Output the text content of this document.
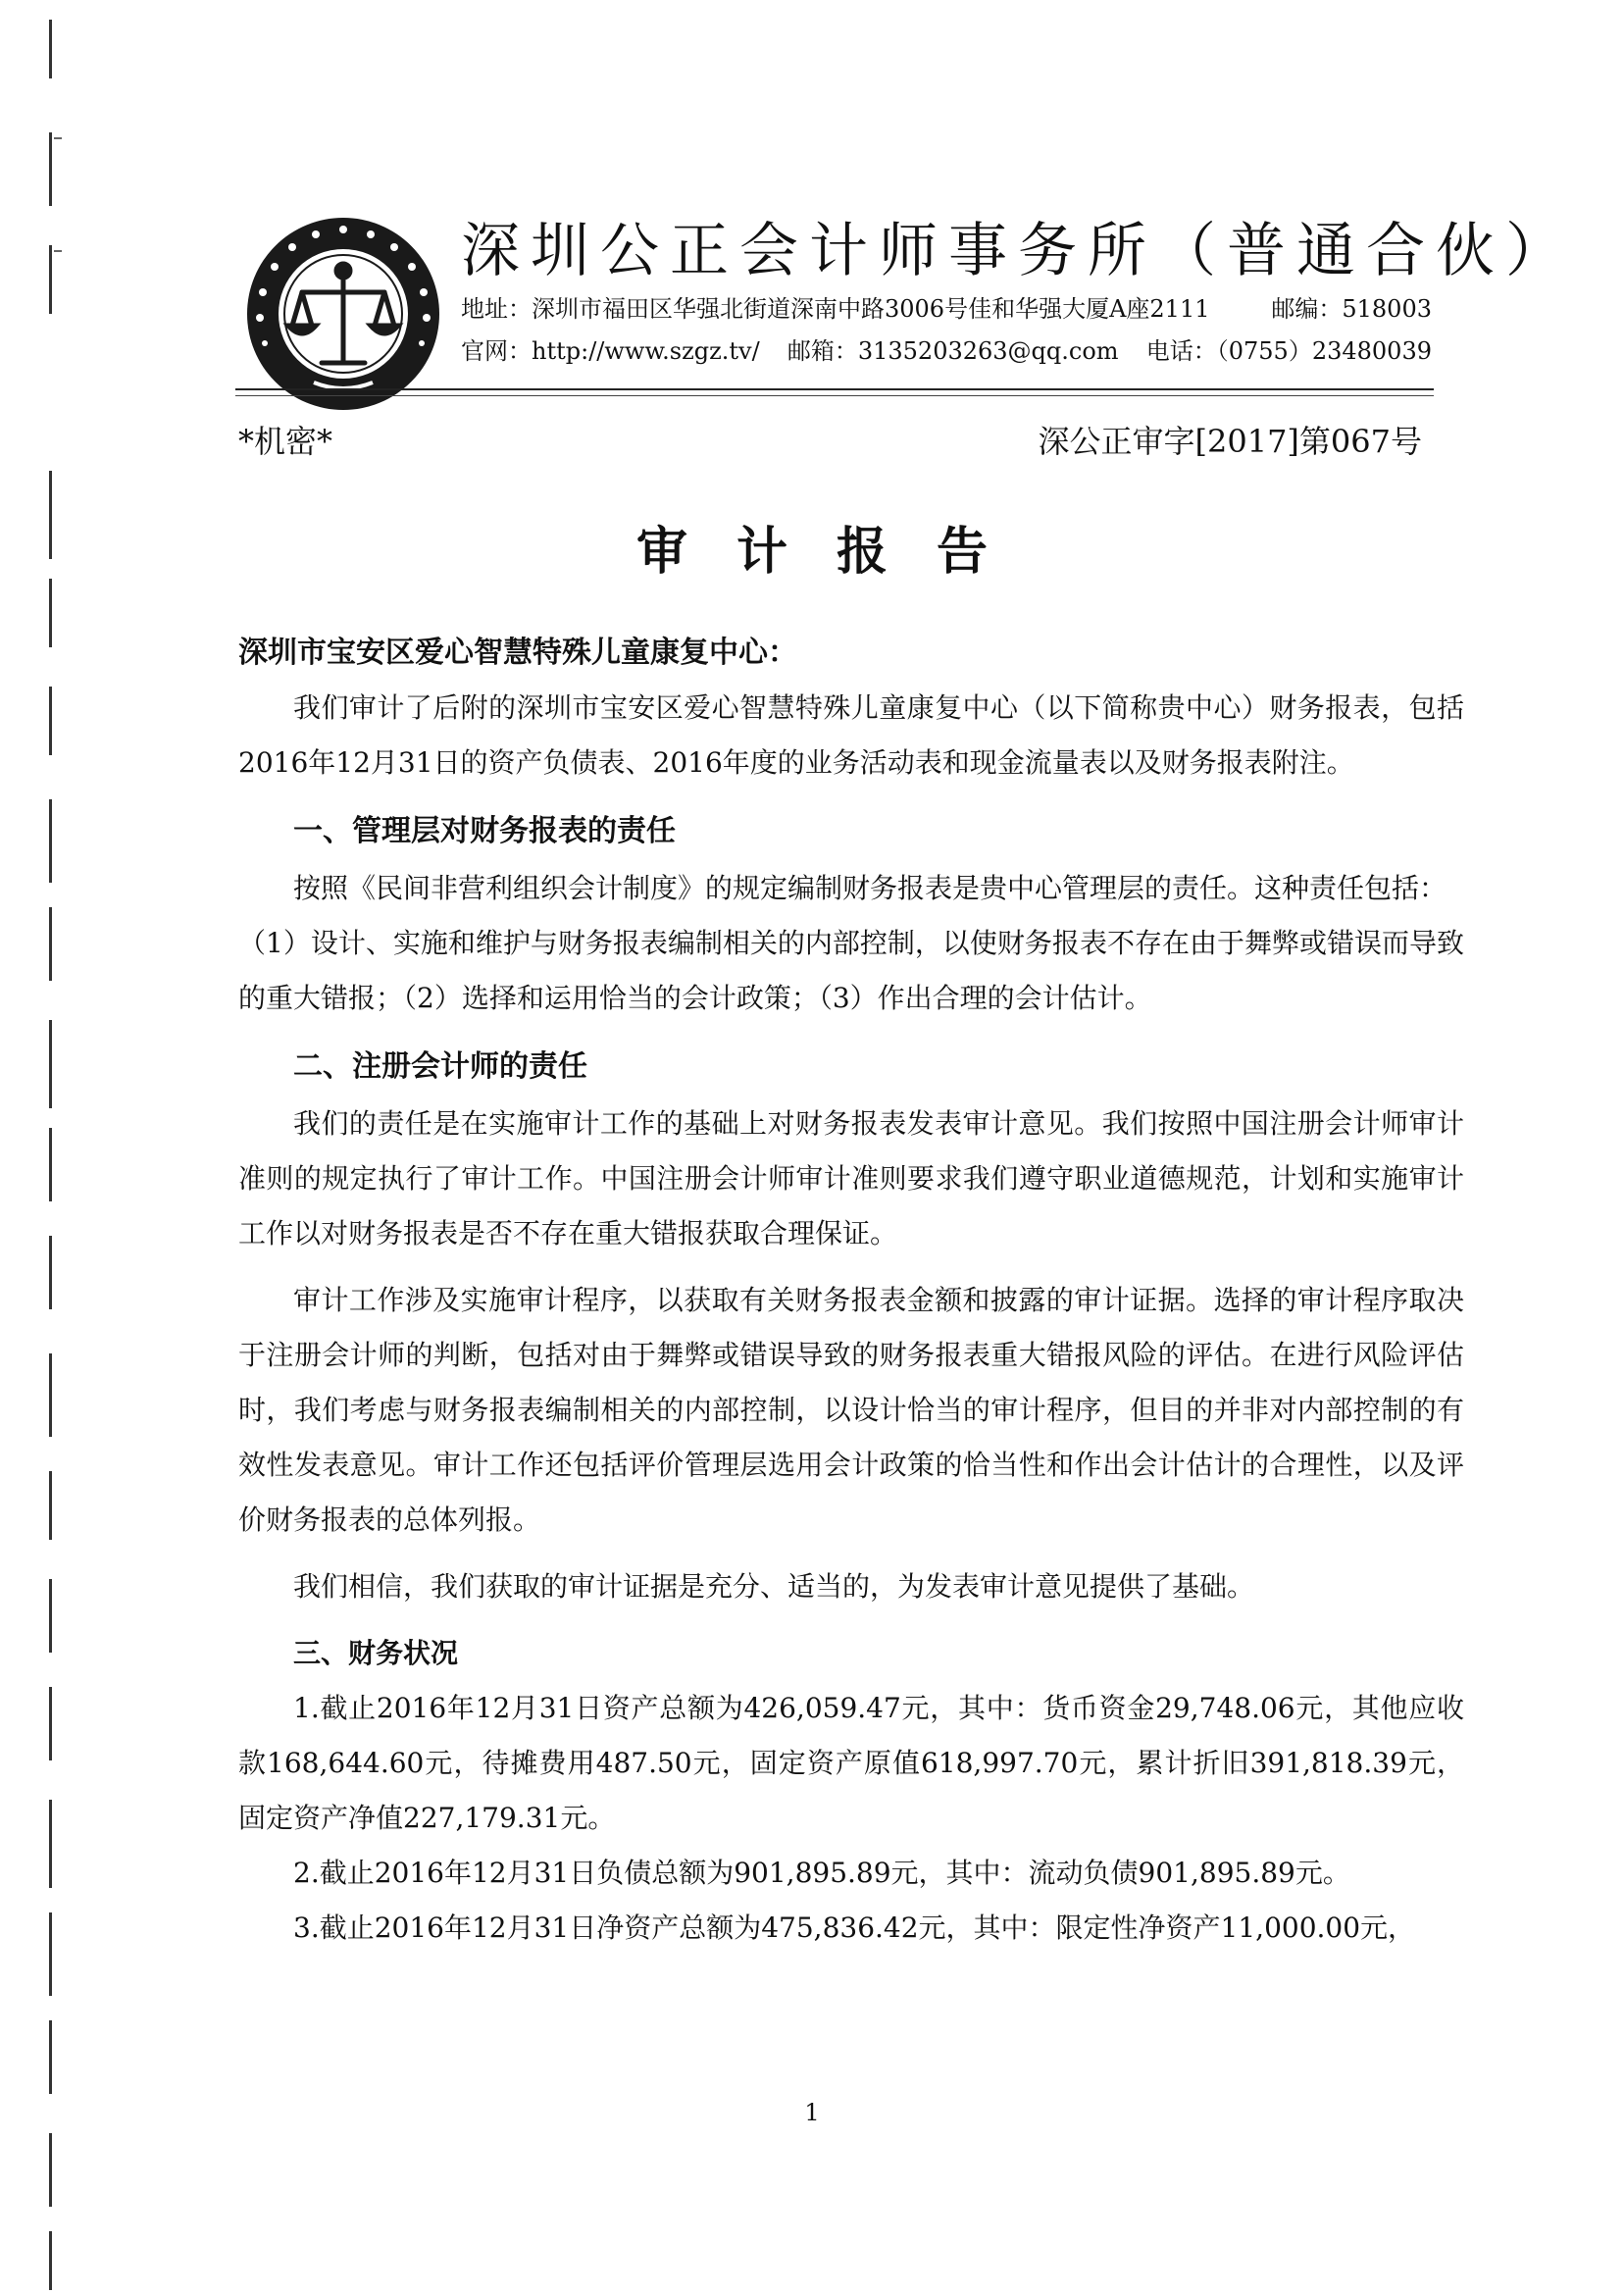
深圳公正会计师事务所（普通合伙）
地址：深圳市福田区华强北街道深南中路3006号佳和华强大厦A座2111	邮编：518003
官网：http://www.szgz.tv/ 邮箱：3135203263@qq.com 电话：（0755）23480039
*机密*	深公正审字[2017]第067号
审计报告

深圳市宝安区爱心智慧特殊儿童康复中心：

我们审计了后附的深圳市宝安区爱心智慧特殊儿童康复中心（以下简称贵中心）财务报表，包括2016年12月31日的资产负债表、2016年度的业务活动表和现金流量表以及财务报表附注。

一、管理层对财务报表的责任

按照《民间非营利组织会计制度》的规定编制财务报表是贵中心管理层的责任。这种责任包括：

（1）设计、实施和维护与财务报表编制相关的内部控制，以使财务报表不存在由于舞弊或错误而导致的重大错报；（2）选择和运用恰当的会计政策；（3）作出合理的会计估计。

二、注册会计师的责任

我们的责任是在实施审计工作的基础上对财务报表发表审计意见。我们按照中国注册会计师审计准则的规定执行了审计工作。中国注册会计师审计准则要求我们遵守职业道德规范，计划和实施审计工作以对财务报表是否不存在重大错报获取合理保证。

审计工作涉及实施审计程序，以获取有关财务报表金额和披露的审计证据。选择的审计程序取决于注册会计师的判断，包括对由于舞弊或错误导致的财务报表重大错报风险的评估。在进行风险评估时，我们考虑与财务报表编制相关的内部控制，以设计恰当的审计程序，但目的并非对内部控制的有效性发表意见。审计工作还包括评价管理层选用会计政策的恰当性和作出会计估计的合理性，以及评价财务报表的总体列报。

我们相信，我们获取的审计证据是充分、适当的，为发表审计意见提供了基础。

三、财务状况

1.截止2016年12月31日资产总额为426,059.47元，其中：货币资金29,748.06元，其他应收款168,644.60元，待摊费用487.50元，固定资产原值618,997.70元，累计折旧391,818.39元，固定资产净值227,179.31元。

2.截止2016年12月31日负债总额为901,895.89元，其中：流动负债901,895.89元。

3.截止2016年12月31日净资产总额为475,836.42元，其中：限定性净资产11,000.00元，

1
